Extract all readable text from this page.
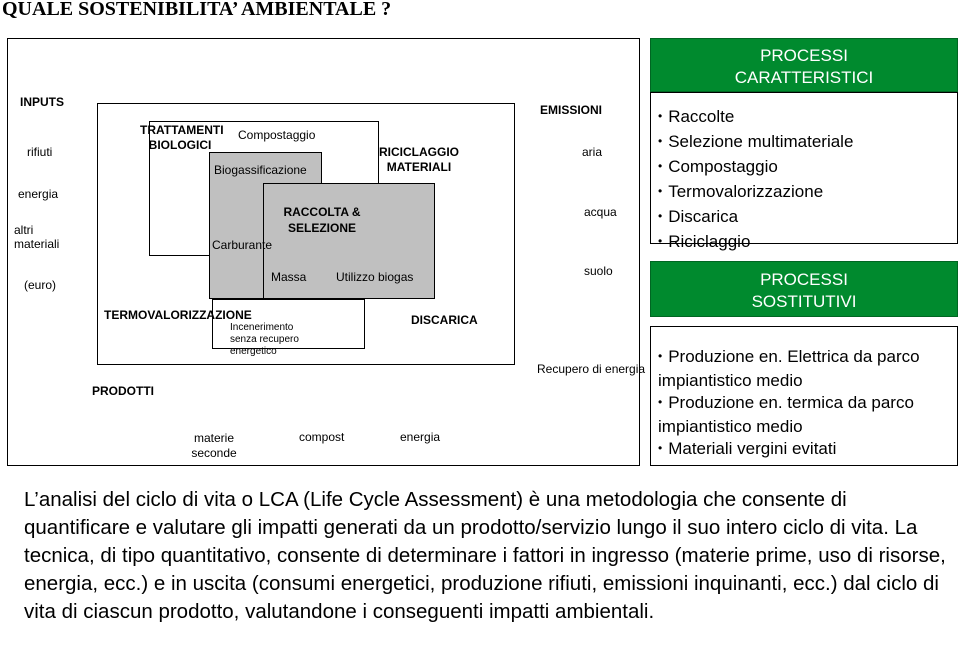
QUALE SOSTENIBILITA’ AMBIENTALE ?
INPUTS
rifiuti
energia
altri materiali
(euro)
TRATTAMENTI BIOLOGICI
Compostaggio
Biogassificazione
Carburante
RACCOLTA & SELEZIONE
RICICLAGGIO MATERIALI
Massa Utilizzo biogas
TERMOVALORIZZAZIONE
Incenerimento senza recupero energetico
DISCARICA
EMISSIONI
aria
acqua
suolo
Recupero di energia
PRODOTTI
materie seconde
compost	energia
PROCESSI CARATTERISTICI
• Raccolte
• Selezione multimateriale
• Compostaggio
• Termovalorizzazione
• Discarica
• Riciclaggio
PROCESSI SOSTITUTIVI
• Produzione en. Elettrica da parco impiantistico medio
• Produzione en. termica da parco impiantistico medio
• Materiali vergini evitati
L’analisi del ciclo di vita o LCA (Life Cycle Assessment) è una metodologia che consente di quantificare e valutare gli impatti generati da un prodotto/servizio lungo il suo intero ciclo di vita. La tecnica, di tipo quantitativo, consente di determinare i fattori in ingresso (materie prime, uso di risorse, energia, ecc.) e in uscita (consumi energetici, produzione rifiuti, emissioni inquinanti, ecc.) dal ciclo di vita di ciascun prodotto, valutandone i conseguenti impatti ambientali.
